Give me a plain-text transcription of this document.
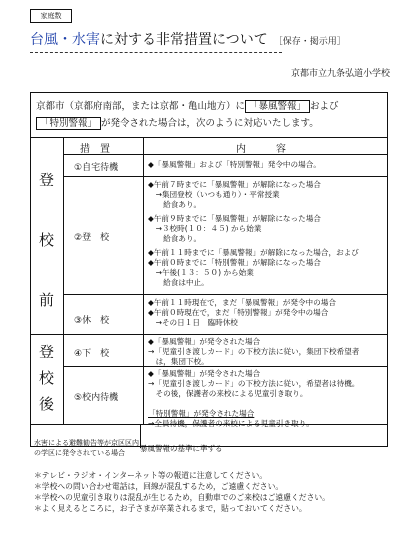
家庭数
台風・水害に対する非常措置について ［保存・掲示用］
京都市立九条弘道小学校
京都市（京都府南部，または京都・亀山地方）に 「暴風警報」 および
「特別警報」 が発令された場合は，次のように対応いたします。
措　置	内　　　容
登
校
前
登
校
後
①自宅待機
②登　校
③休　校
④下　校
⑤校内待機
◆「暴風警報」および「特別警報」発令中の場合。
◆午前７時までに「暴風警報」が解除になった場合
　→集団登校（いつも通り）・平常授業
　　給食あり。
◆午前９時までに「暴風警報」が解除になった場合
　→３校時(１０：４５) から始業
　　給食あり。
◆午前１１時までに「暴風警報」が解除になった場合，および
◆午前０時までに「特別警報」が解除になった場合
　→午後(１３：５０) から始業
　　給食は中止。
◆午前１１時現在で，まだ「暴風警報」が発令中の場合
◆午前０時現在で，まだ「特別警報」が発令中の場合
　→その日１日　臨時休校
◆「暴風警報」が発令された場合
→「児童引き渡しカード」の下校方法に従い，集団下校希望者
　は，集団下校。
◆「暴風警報」が発令された場合
→「児童引き渡しカード」の下校方法に従い，希望者は待機。
　その後，保護者の来校による児童引き取り。

「特別警報」が発令された場合
→全員待機，保護者の来校による児童引き取り。
水害による避難勧告等が京区区内
の学区に発令されている場合	暴風警報の基準に準ずる
＊テレビ・ラジオ・インターネット等の報道に注意してください。
＊学校への問い合わせ電話は，回線が混乱するため，ご遠慮ください。
＊学校への児童引き取りは混乱が生じるため，自動車でのご来校はご遠慮ください。
＊よく見えるところに，お子さまが卒業されるまで，貼っておいてください。
